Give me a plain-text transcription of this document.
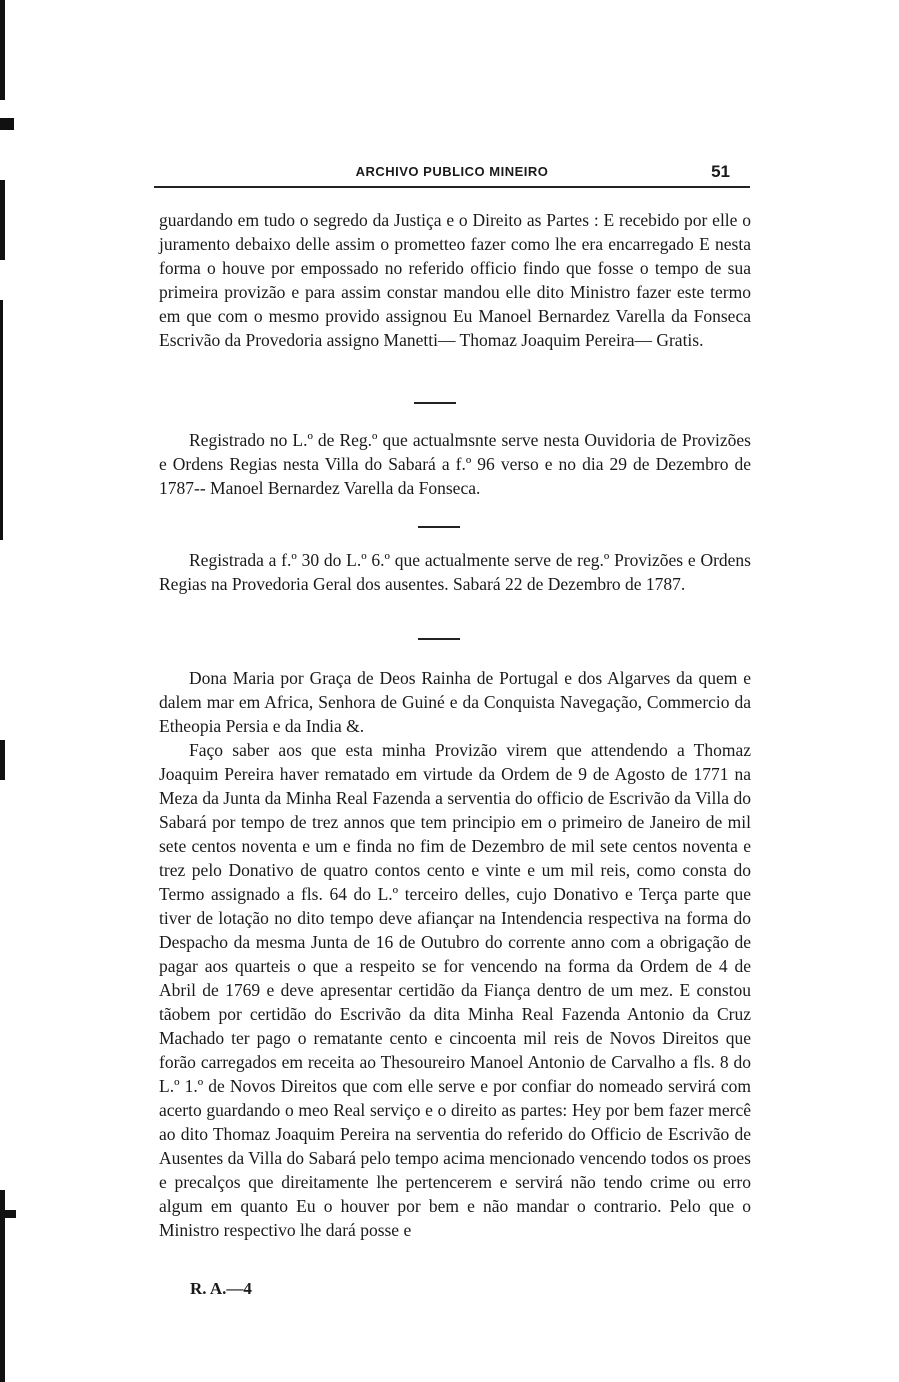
ARCHIVO PUBLICO MINEIRO	51

guardando em tudo o segredo da Justiça e o Direito as Partes : E recebido por elle o juramento debaixo delle assim o prometteo fazer como lhe era encarregado E nesta forma o houve por empossado no referido officio findo que fosse o tempo de sua primeira provizão e para assim constar mandou elle dito Ministro fazer este termo em que com o mesmo provido assignou Eu Manoel Bernardez Varella da Fonseca Escrivão da Provedoria assigno Manetti— Thomaz Joaquim Pereira— Gratis.

Registrado no L.º de Reg.º que actualmsnte serve nesta Ouvidoria de Provizões e Ordens Regias nesta Villa do Sabará a f.º 96 verso e no dia 29 de Dezembro de 1787-- Manoel Bernardez Varella da Fonseca.

Registrada a f.º 30 do L.º 6.º que actualmente serve de reg.º Provizões e Ordens Regias na Provedoria Geral dos ausentes. Sabará 22 de Dezembro de 1787.

Dona Maria por Graça de Deos Rainha de Portugal e dos Algarves da quem e dalem mar em Africa, Senhora de Guiné e da Conquista Navegação, Commercio da Etheopia Persia e da India &.

Faço saber aos que esta minha Provizão virem que attendendo a Thomaz Joaquim Pereira haver rematado em virtude da Ordem de 9 de Agosto de 1771 na Meza da Junta da Minha Real Fazenda a serventia do officio de Escrivão da Villa do Sabará por tempo de trez annos que tem principio em o primeiro de Janeiro de mil sete centos noventa e um e finda no fim de Dezembro de mil sete centos noventa e trez pelo Donativo de quatro contos cento e vinte e um mil reis, como consta do Termo assignado a fls. 64 do L.º terceiro delles, cujo Donativo e Terça parte que tiver de lotação no dito tempo deve afiançar na Intendencia respectiva na forma do Despacho da mesma Junta de 16 de Outubro do corrente anno com a obrigação de pagar aos quarteis o que a respeito se for vencendo na forma da Ordem de 4 de Abril de 1769 e deve apresentar certidão da Fiança dentro de um mez. E constou tãobem por certidão do Escrivão da dita Minha Real Fazenda Antonio da Cruz Machado ter pago o rematante cento e cincoenta mil reis de Novos Direitos que forão carregados em receita ao Thesoureiro Manoel Antonio de Carvalho a fls. 8 do L.º 1.º de Novos Direitos que com elle serve e por confiar do nomeado servirá com acerto guardando o meo Real serviço e o direito as partes: Hey por bem fazer mercê ao dito Thomaz Joaquim Pereira na serventia do referido do Officio de Escrivão de Ausentes da Villa do Sabará pelo tempo acima mencionado vencendo todos os proes e precalços que direitamente lhe pertencerem e servirá não tendo crime ou erro algum em quanto Eu o houver por bem e não mandar o contrario. Pelo que o Ministro respectivo lhe dará posse e

R. A.—4
